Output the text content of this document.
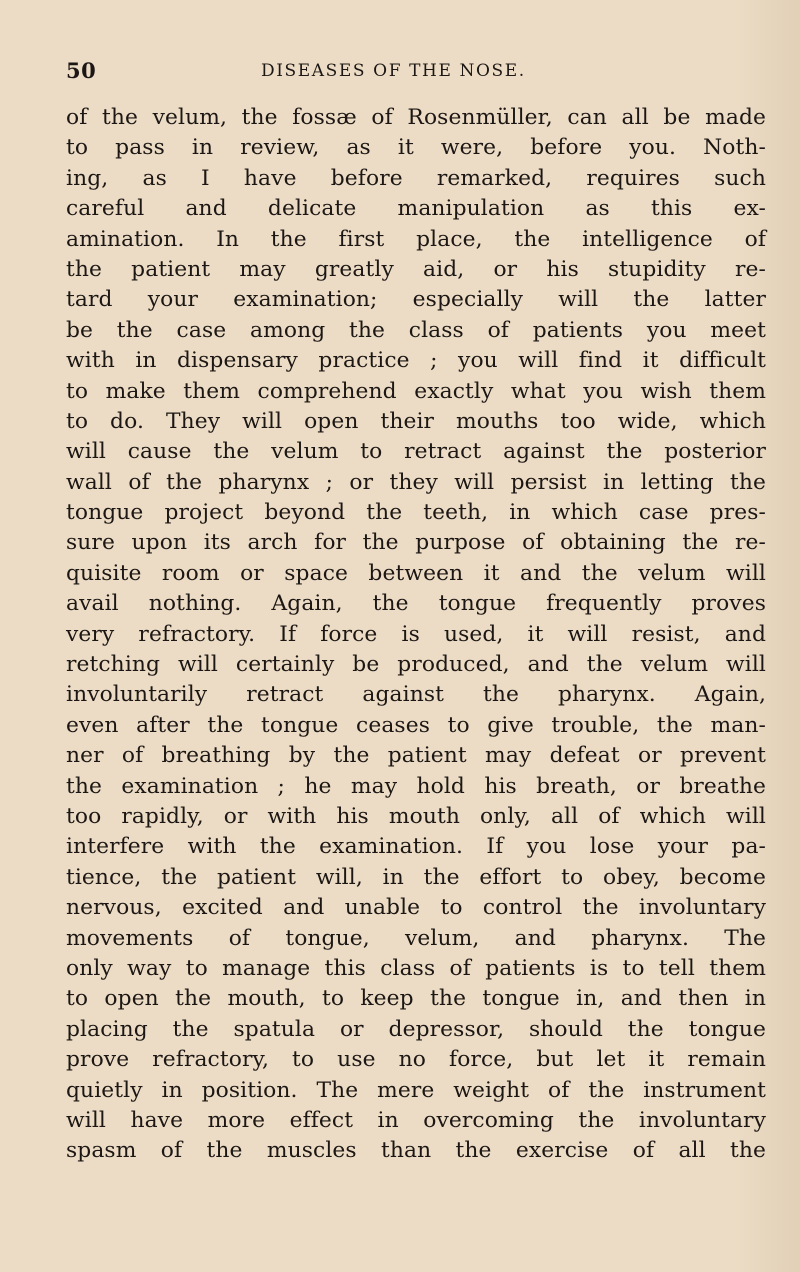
50	DISEASES OF THE NOSE.
of the velum, the fossæ of Rosenmüller, can all be made
to pass in review, as it were, before you. Noth-
ing, as I have before remarked, requires such
careful and delicate manipulation as this ex-
amination. In the first place, the intelligence of
the patient may greatly aid, or his stupidity re-
tard your examination; especially will the latter
be the case among the class of patients you meet
with in dispensary practice ; you will find it difficult
to make them comprehend exactly what you wish them
to do. They will open their mouths too wide, which
will cause the velum to retract against the posterior
wall of the pharynx ; or they will persist in letting the
tongue project beyond the teeth, in which case pres-
sure upon its arch for the purpose of obtaining the re-
quisite room or space between it and the velum will
avail nothing. Again, the tongue frequently proves
very refractory. If force is used, it will resist, and
retching will certainly be produced, and the velum will
involuntarily retract against the pharynx. Again,
even after the tongue ceases to give trouble, the man-
ner of breathing by the patient may defeat or prevent
the examination ; he may hold his breath, or breathe
too rapidly, or with his mouth only, all of which will
interfere with the examination. If you lose your pa-
tience, the patient will, in the effort to obey, become
nervous, excited and unable to control the involuntary
movements of tongue, velum, and pharynx. The
only way to manage this class of patients is to tell them
to open the mouth, to keep the tongue in, and then in
placing the spatula or depressor, should the tongue
prove refractory, to use no force, but let it remain
quietly in position. The mere weight of the instrument
will have more effect in overcoming the involuntary
spasm of the muscles than the exercise of all the
